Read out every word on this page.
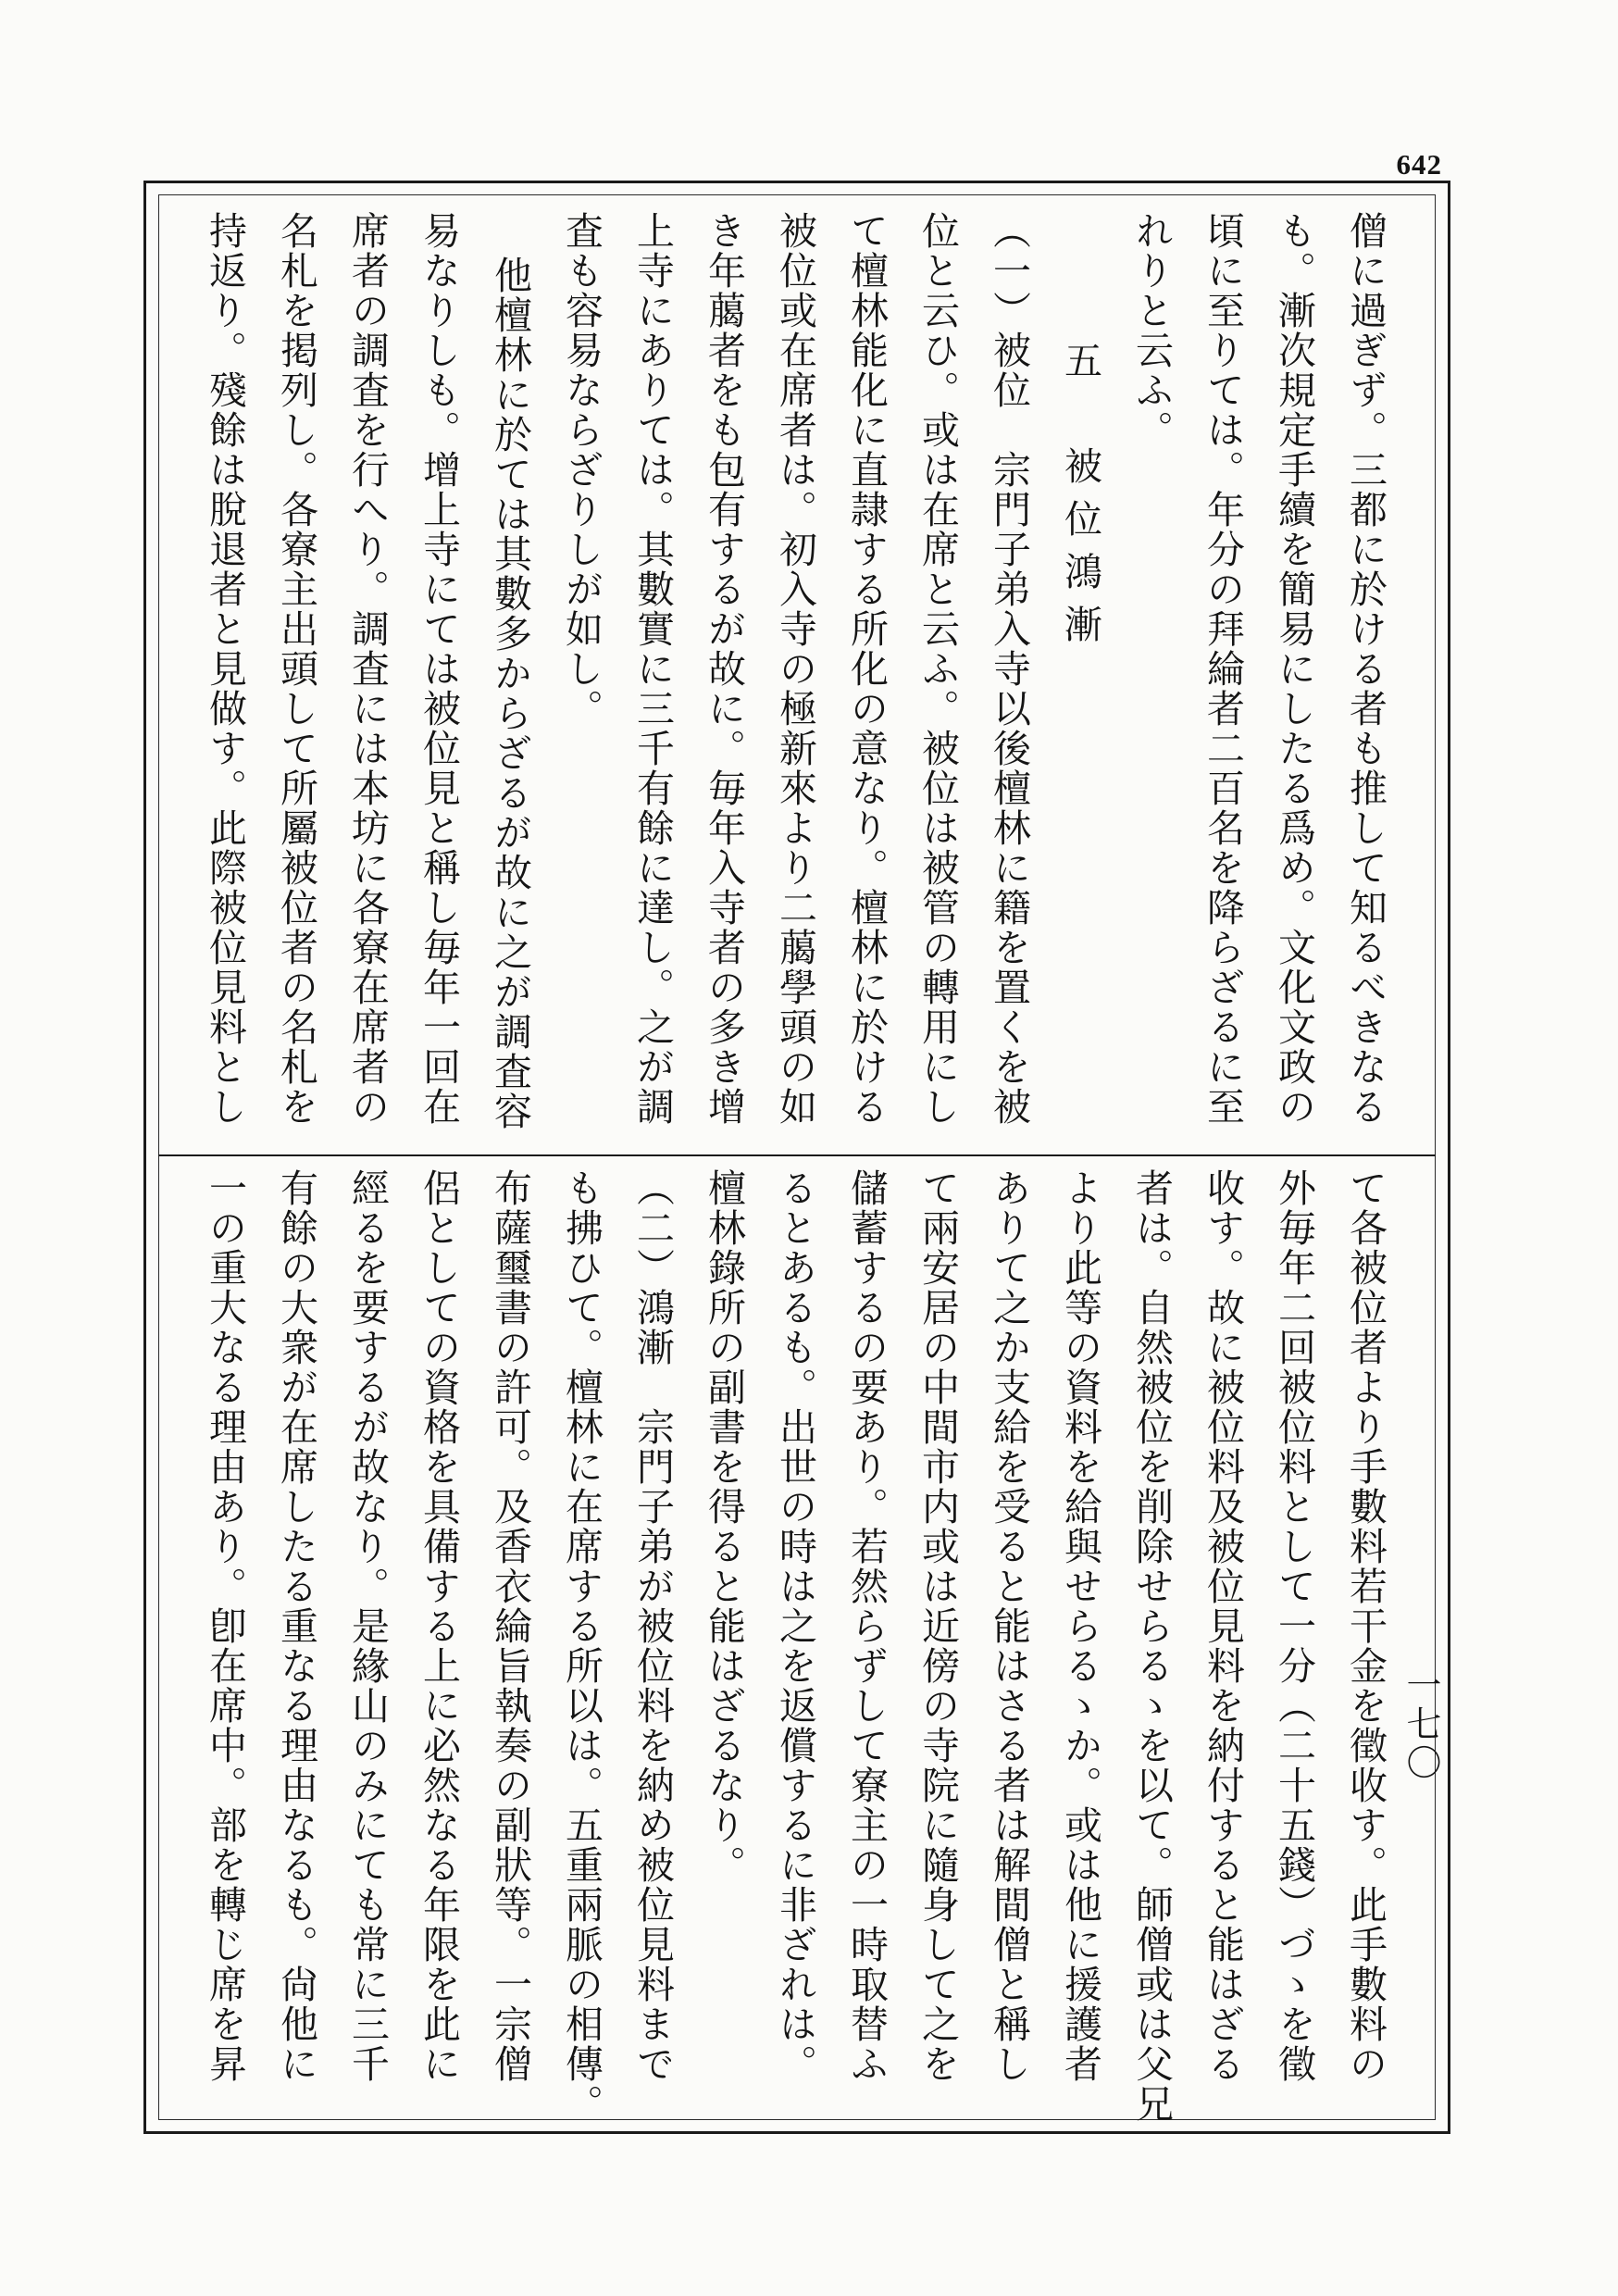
642
僧に過ぎず。三都に於ける者も推して知るべきなる
も。漸次規定手續を簡易にしたる爲め。文化文政の
頃に至りては。年分の拜綸者二百名を降らざるに至
れりと云ふ。
五　被位鴻漸
（一）被位　宗門子弟入寺以後檀林に籍を置くを被
位と云ひ。或は在席と云ふ。被位は被管の轉用にし
て檀林能化に直隷する所化の意なり。檀林に於ける
被位或在席者は。初入寺の極新來より二﨟學頭の如
き年﨟者をも包有するが故に。毎年入寺者の多き增
上寺にありては。其數實に三千有餘に達し。之が調
査も容易ならざりしが如し。
他檀林に於ては其數多からざるが故に之が調査容
易なりしも。增上寺にては被位見と稱し毎年一回在
席者の調査を行へり。調査には本坊に各寮在席者の
名札を掲列し。各寮主出頭して所屬被位者の名札を
持返り。殘餘は脫退者と見做す。此際被位見料とし
て各被位者より手數料若干金を徵收す。此手數料の
外毎年二回被位料として一分（二十五錢）づゝを徵
收す。故に被位料及被位見料を納付すると能はざる
者は。自然被位を削除せらるゝを以て。師僧或は父兄
より此等の資料を給與せらるゝか。或は他に援護者
ありて之か支給を受ると能はさる者は解間僧と稱し
て兩安居の中間市内或は近傍の寺院に隨身して之を
儲蓄するの要あり。若然らずして寮主の一時取替ふ
るとあるも。出世の時は之を返償するに非ざれは。
檀林錄所の副書を得ると能はざるなり。
（二）鴻漸　宗門子弟が被位料を納め被位見料まで
も拂ひて。檀林に在席する所以は。五重兩脈の相傳。
布薩璽書の許可。及香衣綸旨執奏の副狀等。一宗僧
侶としての資格を具備する上に必然なる年限を此に
經るを要するが故なり。是緣山のみにても常に三千
有餘の大衆が在席したる重なる理由なるも。尙他に
一の重大なる理由あり。卽在席中。部を轉じ席を昇	一七〇
